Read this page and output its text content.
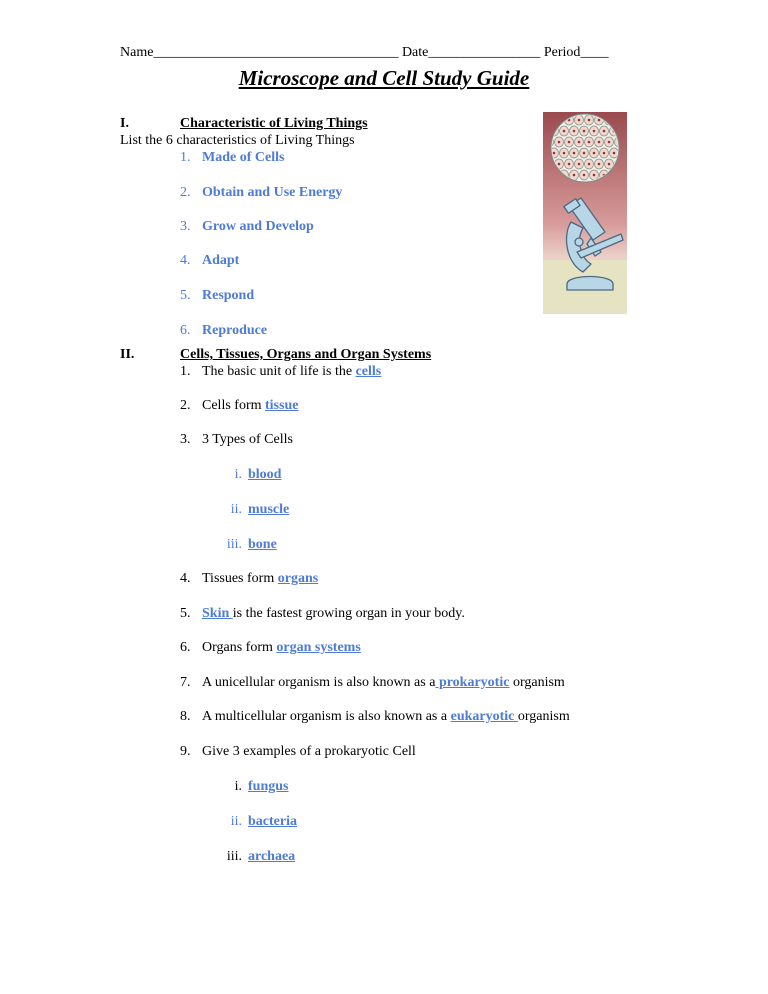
Name___________________________________ Date________________ Period____
Microscope and Cell Study Guide
I.	Characteristic of Living Things
List the 6 characteristics of Living Things
1. Made of Cells
2. Obtain and Use Energy
3. Grow and Develop
4. Adapt
5. Respond
6. Reproduce
II.	Cells, Tissues, Organs and Organ Systems
1. The basic unit of life is the cells
2. Cells form tissue
3. 3 Types of Cells
i. blood
ii. muscle
iii. bone
4. Tissues form organs
5. Skin is the fastest growing organ in your body.
6. Organs form organ systems
7. A unicellular organism is also known as a prokaryotic organism
8. A multicellular organism is also known as a eukaryotic organism
9. Give 3 examples of a prokaryotic Cell
i. fungus
ii. bacteria
iii. archaea
